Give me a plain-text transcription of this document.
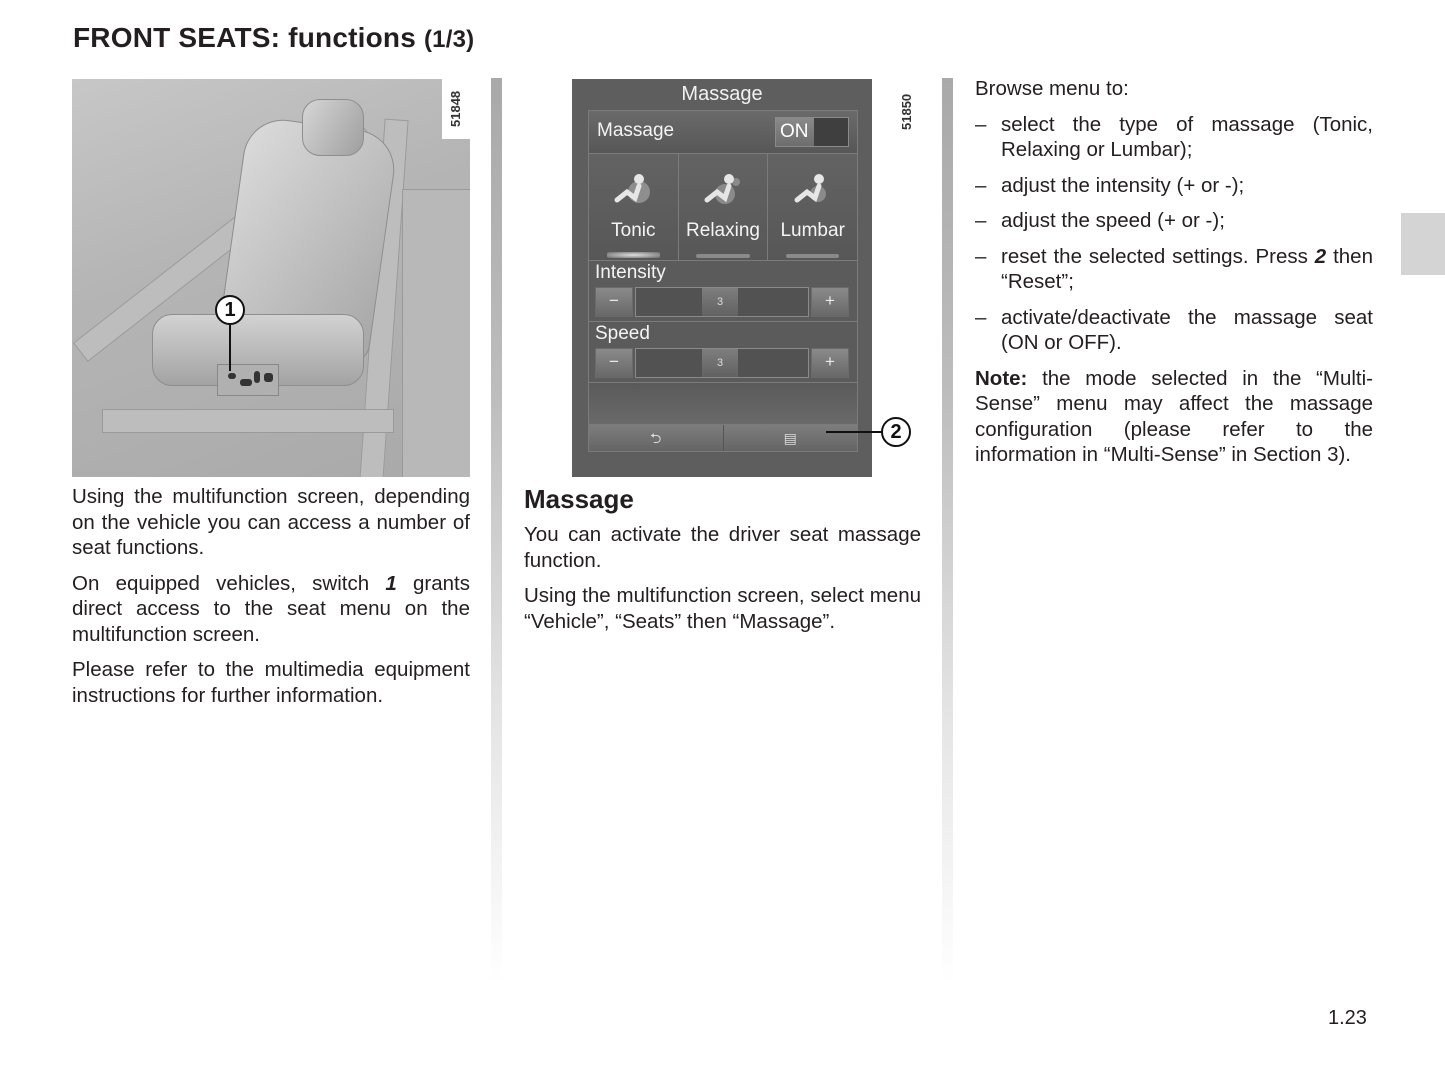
FRONT SEATS: functions (1/3)
1
51848	Massage
Massage	ON
Tonic	Relaxing	Lumbar
Intensity
−	3	+
Speed
−	3	+
⮌	▤	2
51850

Using the multifunction screen, depending on the vehicle you can access a number of seat functions.

On equipped vehicles, switch 1 grants direct access to the seat menu on the multifunction screen.

Please refer to the multimedia equipment instructions for further information.

Massage

You can activate the driver seat massage function.

Using the multifunction screen, select menu “Vehicle”, “Seats” then “Massage”.

Browse menu to:

– select the type of massage (Tonic, Relaxing or Lumbar);
– adjust the intensity (+ or -);
– adjust the speed (+ or -);
– reset the selected settings. Press 2 then “Reset”;
– activate/deactivate the massage seat (ON or OFF).

Note: the mode selected in the “Multi-Sense” menu may affect the massage configuration (please refer to the information in “Multi-Sense” in Section 3).

1.23
